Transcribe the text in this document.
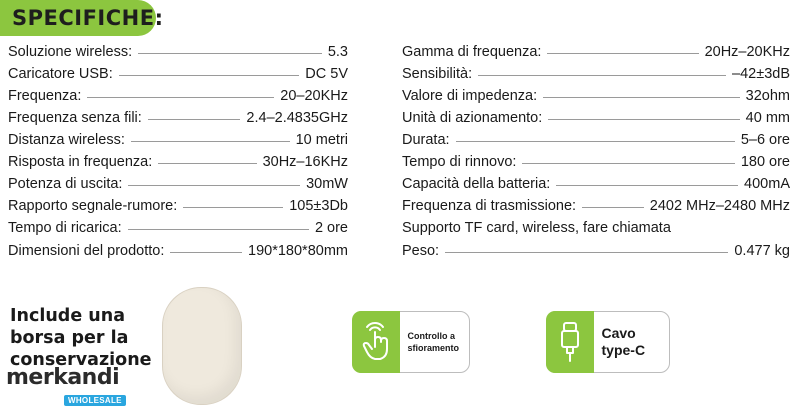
SPECIFICHE:
Soluzione wireless:	5.3
Caricatore USB:	DC 5V
Frequenza:	20–20KHz
Frequenza senza fili:	2.4–2.4835GHz
Distanza wireless:	10 metri
Risposta in frequenza:	30Hz–16KHz
Potenza di uscita:	30mW
Rapporto segnale-rumore:	105±3Db
Tempo di ricarica:	2 ore
Dimensioni del prodotto:	190*180*80mm
Gamma di frequenza:	20Hz–20KHz
Sensibilità:	–42±3dB
Valore di impedenza:	32ohm
Unità di azionamento:	40 mm
Durata:	5–6 ore
Tempo di rinnovo:	180 ore
Capacità della batteria:	400mA
Frequenza di trasmissione:	2402 MHz–2480 MHz
Supporto TF card, wireless, fare chiamata
Peso:	0.477 kg
Include una
borsa per la
conservazione
merkandi
WHOLESALE
Controllo a
sfioramento
Cavo
type-C
